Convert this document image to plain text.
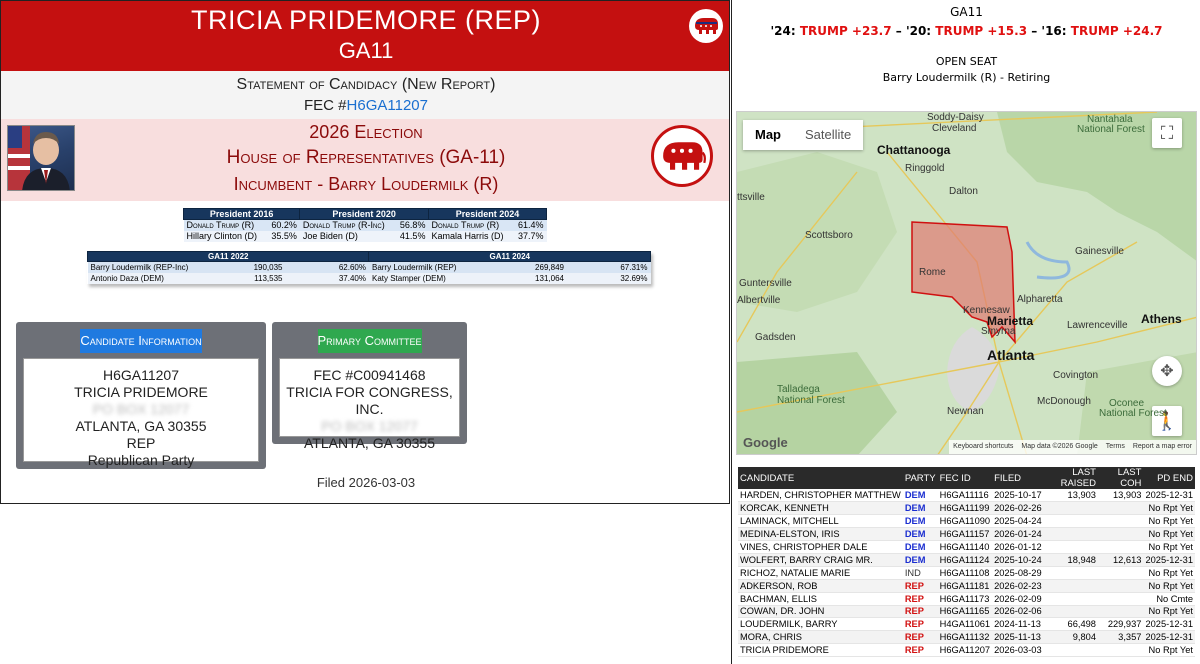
TRICIA PRIDEMORE (REP)
GA11
Statement of Candidacy (New Report)
FEC #H6GA11207
2026 Election
House of Representatives (GA-11)
Incumbent - Barry Loudermilk (R)
President 2016		President 2020		President 2024	
Donald Trump (R)	60.2%	Donald Trump (R-Inc)	56.8%	Donald Trump (R)	61.4%
Hillary Clinton (D)	35.5%	Joe Biden (D)	41.5%	Kamala Harris (D)	37.7%
GA11 2022			GA11 2024		
Barry Loudermilk (REP-Inc)	190,035	62.60%	Barry Loudermilk (REP)	269,849	67.31%
Antonio Daza (DEM)	113,535	37.40%	Katy Stamper (DEM)	131,064	32.69%
Candidate Information
H6GA11207
TRICIA PRIDEMORE
PO BOX 12077
ATLANTA, GA 30355
REP
Republican Party
Primary Committee
FEC #C00941468
TRICIA FOR CONGRESS, INC.
PO BOX 12077
ATLANTA, GA 30355
Filed 2026-03-03
GA11
'24: TRUMP +23.7 – '20: TRUMP +15.3 – '16: TRUMP +24.7
OPEN SEAT
Barry Loudermilk (R) - Retiring
Map	Satellite	⛶
✥
🚶
Soddy-Daisy
Cleveland
Nantahala
National Forest
Chattanooga
Ringgold
Dalton
Scottsboro
Guntersville
Albertville
Gadsden
Rome
Gainesville
Alpharetta
Kennesaw
Marietta
Smyrna
Lawrenceville Athens
Atlanta
Talladega
National Forest
Covington
McDonough
Newnan
Oconee
National Forest
ttsville
Google	Keyboard shortcuts Map data ©2026 Google Terms Report a map error
CANDIDATE	PARTY	FEC ID	FILED	LAST RAISED	LAST COH	PD END
HARDEN, CHRISTOPHER MATTHEW	DEM	H6GA11116	2025-10-17	13,903	13,903	2025-12-31
KORCAK, KENNETH	DEM	H6GA11199	2026-02-26			No Rpt Yet
LAMINACK, MITCHELL	DEM	H6GA11090	2025-04-24			No Rpt Yet
MEDINA-ELSTON, IRIS	DEM	H6GA11157	2026-01-24			No Rpt Yet
VINES, CHRISTOPHER DALE	DEM	H6GA11140	2026-01-12			No Rpt Yet
WOLFERT, BARRY CRAIG MR.	DEM	H6GA11124	2025-10-24	18,948	12,613	2025-12-31
RICHOZ, NATALIE MARIE	IND	H6GA11108	2025-08-29			No Rpt Yet
ADKERSON, ROB	REP	H6GA11181	2026-02-23			No Rpt Yet
BACHMAN, ELLIS	REP	H6GA11173	2026-02-09			No Cmte
COWAN, DR. JOHN	REP	H6GA11165	2026-02-06			No Rpt Yet
LOUDERMILK, BARRY	REP	H4GA11061	2024-11-13	66,498	229,937	2025-12-31
MORA, CHRIS	REP	H6GA11132	2025-11-13	9,804	3,357	2025-12-31
TRICIA PRIDEMORE	REP	H6GA11207	2026-03-03			No Rpt Yet
